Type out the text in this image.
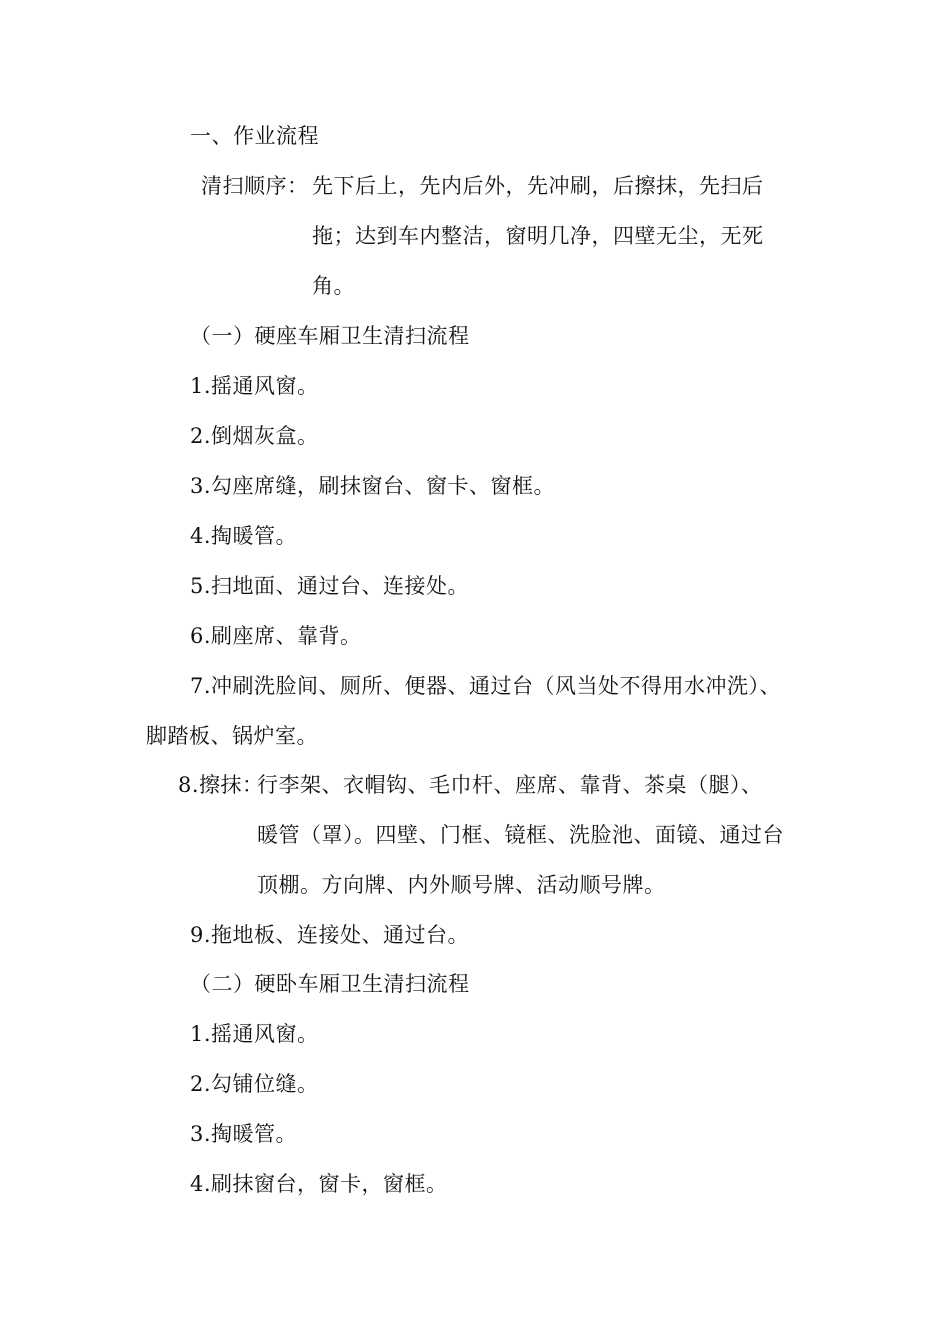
一、作业流程
清扫顺序： 先下后上，先内后外，先冲刷，后擦抹，先扫后
拖；达到车内整洁，窗明几净，四壁无尘，无死
角。
（一）硬座车厢卫生清扫流程
1.摇通风窗。
2.倒烟灰盒。
3.勾座席缝，刷抹窗台、窗卡、窗框。
4.掏暖管。
5.扫地面、通过台、连接处。
6.刷座席、靠背。
7.冲刷洗脸间、厕所、便器、通过台（风当处不得用水冲洗）、
脚踏板、锅炉室。
8.擦抹：
行李架、衣帽钩、毛巾杆、座席、靠背、茶桌（腿）、
暖管（罩）。四壁、门框、镜框、洗脸池、面镜、通过台
顶棚。方向牌、内外顺号牌、活动顺号牌。
9.拖地板、连接处、通过台。
（二）硬卧车厢卫生清扫流程
1.摇通风窗。
2.勾铺位缝。
3.掏暖管。
4.刷抹窗台，窗卡，窗框。
